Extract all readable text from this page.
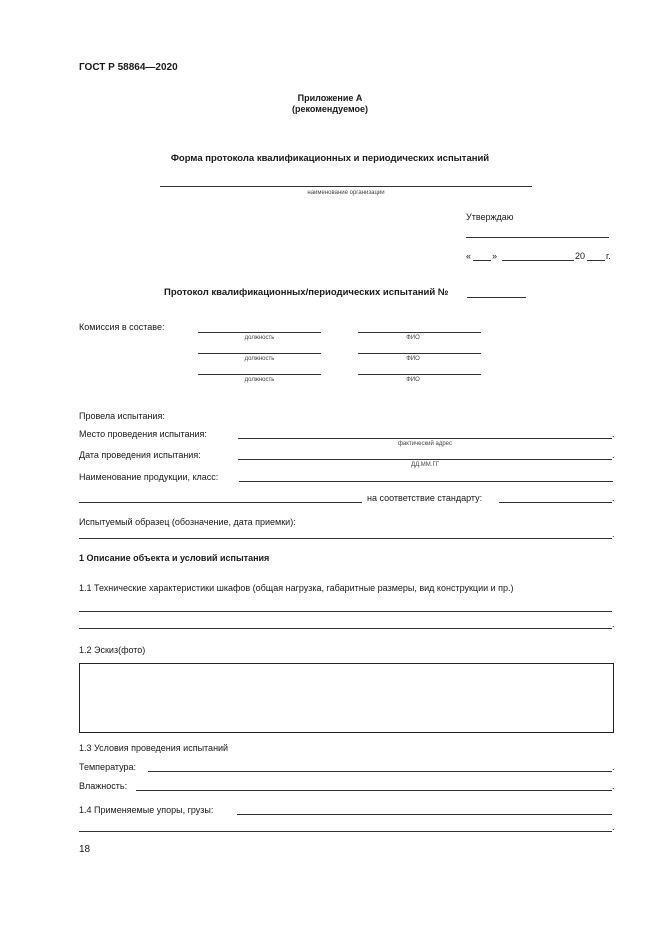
ГОСТ Р 58864—2020
Приложение А
(рекомендуемое)
Форма протокола квалификационных и периодических испытаний
наименование организации
Утверждаю
« »	20 г.
Протокол квалификационных/периодических испытаний №
Комиссия в составе:
должность	ФИО
должность	ФИО
должность	ФИО
Провела испытания:
Место проведения испытания:	.
фактический адрес
Дата проведения испытания:	.
ДД.ММ.ГГ
Наименование продукции, класс:
на соответствие стандарту:	.
Испытуемый образец (обозначение, дата приемки):
.
1 Описание объекта и условий испытания
1.1 Технические характеристики шкафов (общая нагрузка, габаритные размеры, вид конструкции и пр.)
.
1.2 Эскиз(фото)
1.3 Условия проведения испытаний
Температура:	.
Влажность:	.
1.4 Применяемые упоры, грузы:
.
18
